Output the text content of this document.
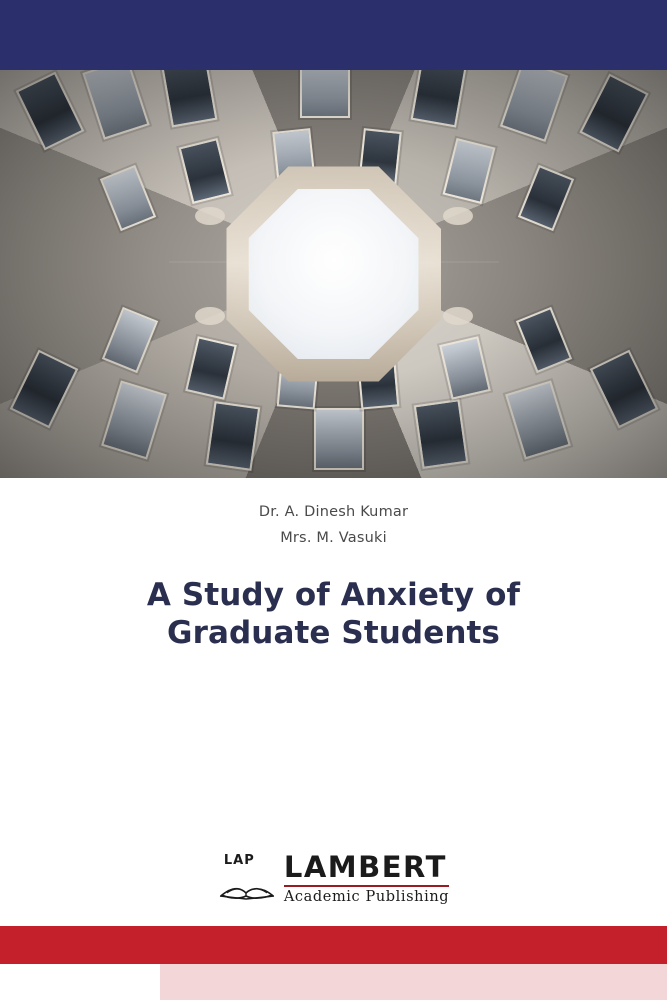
Dr. A. Dinesh Kumar

Mrs. M. Vasuki

A Study of Anxiety of
Graduate Students
LAP LAMBERT
Academic Publishing
